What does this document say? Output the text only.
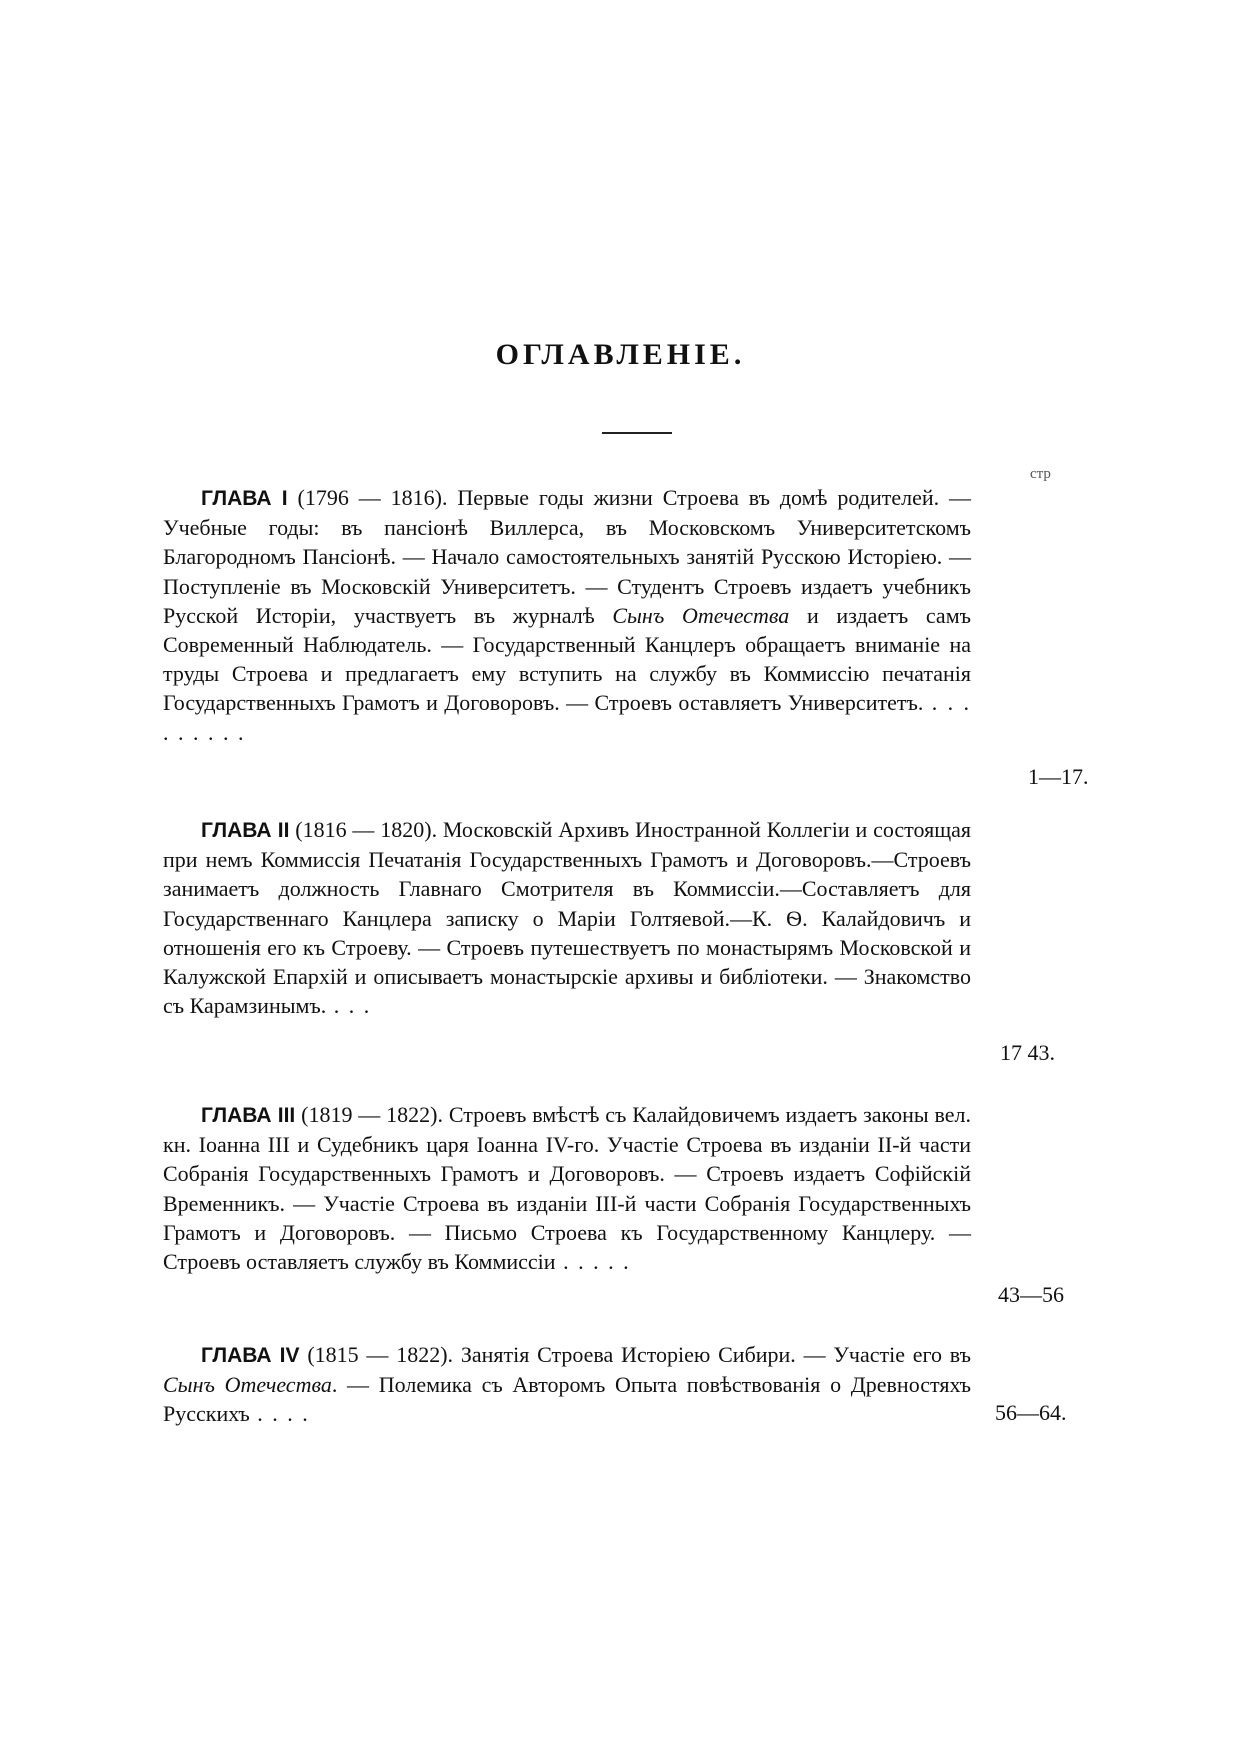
ОГЛАВЛЕНІЕ.
стр
ГЛАВА I (1796 — 1816). Первые годы жизни Строева въ домѣ родителей. — Учебные годы: въ пансіонѣ Виллерса, въ Московскомъ Университетскомъ Благородномъ Пансіонѣ. — Начало самостоятельныхъ занятій Русскою Исторіею. — Поступленіе въ Московскій Университетъ. — Студентъ Строевъ издаетъ учебникъ Русской Исторіи, участвуетъ въ журналѣ Сынъ Отечества и издаетъ самъ Современный Наблюдатель. — Государственный Канцлеръ обращаетъ вниманіе на труды Строева и предлагаетъ ему вступить на службу въ Коммиссію печатанія Государственныхъ Грамотъ и Договоровъ. — Строевъ оставляетъ Университетъ. . . . . . . . . .
1—17.
ГЛАВА II (1816 — 1820). Московскій Архивъ Иностранной Коллегіи и состоящая при немъ Коммиссія Печатанія Государственныхъ Грамотъ и Договоровъ.—Строевъ занимаетъ должность Главнаго Смотрителя въ Коммиссіи.—Составляетъ для Государственнаго Канцлера записку о Маріи Голтяевой.—К. Ѳ. Калайдовичъ и отношенія его къ Строеву. — Строевъ путешествуетъ по монастырямъ Московской и Калужской Епархій и описываетъ монастырскіе архивы и библіотеки. — Знакомство съ Карамзинымъ. . . .
17 43.
ГЛАВА III (1819 — 1822). Строевъ вмѣстѣ съ Калайдовичемъ издаетъ законы вел. кн. Іоанна III и Судебникъ царя Іоанна IV-го. Участіе Строева въ изданіи II-й части Собранія Государственныхъ Грамотъ и Договоровъ. — Строевъ издаетъ Софійскій Временникъ. — Участіе Строева въ изданіи III-й части Собранія Государственныхъ Грамотъ и Договоровъ. — Письмо Строева къ Государственному Канцлеру. — Строевъ оставляетъ службу въ Коммиссіи . . . . .
43—56
ГЛАВА IV (1815 — 1822). Занятія Строева Исторіею Сибири. — Участіе его въ Сынъ Отечества. — Полемика съ Авторомъ Опыта повѣствованія о Древностяхъ Русскихъ . . . .	56—64.
